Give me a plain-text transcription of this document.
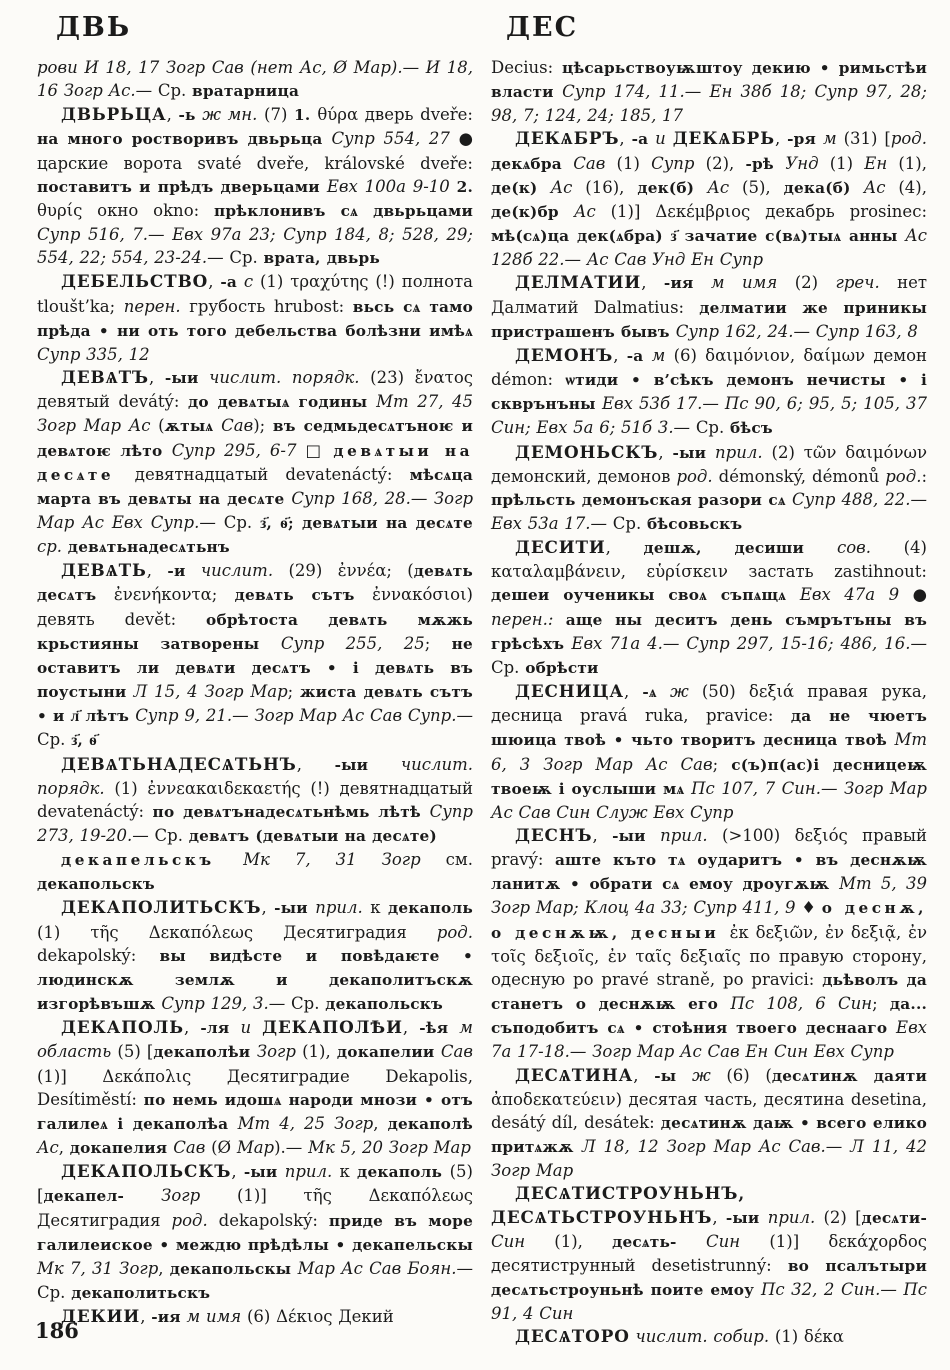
ДВЬ	ДЕС

рови И 18, 17 Зогр Сав (нет Ас, Ø Мар).— И 18, 16 Зогр Ас.— Ср. вратарница

ДВЬРЬЦА, -ь ж мн. (7) 1. θύρα дверь dveře: на много ростворивъ двьрьца Супр 554, 27 ● царские ворота svaté dveře, královské dveře: поставитъ и прѣдъ дверьцами Евх 100а 9-10 2. θυρίς окно okno: прѣклонивъ сѧ двьрьцами Супр 516, 7.— Евх 97а 23; Супр 184, 8; 528, 29; 554, 22; 554, 23-24.— Ср. врата, двьрь

ДЕБЕЛЬСТВО, -а с (1) τραχύτης (!) полнота tloušt’ka; перен. грубость hrubost: вьсь сѧ тамо прѣда • ни оть того дебельства болѣзни имѣѧ Супр 335, 12

ДЕВѦТЪ, -ыи числит. порядк. (23) ἔνατος девятый devátý: до девѧтыѧ годины Мт 27, 45 Зогр Мар Ас (ѫтыѧ Сав); въ седмьдесѧтъноѥ и девѧтоѥ лѣто Супр 295, 6-7 □ девѧтыи на десѧте девятнадцатый devatenáctý: мѣсѧца марта въ девѧты на десѧте Супр 168, 28.— Зогр Мар Ас Евх Супр.— Ср. з҃, ѳ҃; девѧтыи на десѧте ср. девѧтьнадесѧтьнъ

ДЕВѦТЬ, -и числит. (29) ἐννέα; (девѧть десѧтъ ἐνενήκοντα; девѧть сътъ ἐννακόσιοι) девять devět: обрѣтоста девѧть мѫжь крьстияны затворены Супр 255, 25; не оставитъ ли девѧти десѧтъ • і девѧть въ поустыни Л 15, 4 Зогр Мар; жиста девѧть сътъ • и л҃ лѣтъ Супр 9, 21.— Зогр Мар Ас Сав Супр.— Ср. з҃, ѳ҃

ДЕВѦТЬНАДЕСѦТЬНЪ, -ыи числит. порядк. (1) ἐννεακαιδεκαετής (!) девятнадцатый devatenáctý: по девѧтънадесѧтьнѣмь лѣтѣ Супр 273, 19-20.— Ср. девѧтъ (девѧтыи на десѧте)

декапельскъ Мк 7, 31 Зогр см. декапольскъ

ДЕКАПОЛИТЬСКЪ, -ыи прил. к декаполь (1) τῆς Δεκαπόλεως Десятиградия род. dekapolský: вы видѣсте и повѣдаѥте • людинскѫ землѫ и декаполитъскѫ изгорѣвъшѫ Супр 129, 3.— Ср. декапольскъ

ДЕКАПОЛЬ, -ля и ДЕКАПОЛѢИ, -ѣя м область (5) [декаполѣи Зогр (1), докапелии Сав (1)] Δεκάπολις Десятиградие Dekapolis, Desítiměstí: по немь идошѧ народи мнози • отъ галилеѧ і декаполѣа Мт 4, 25 Зогр, декаполѣ Ас, докапелия Сав (Ø Мар).— Мк 5, 20 Зогр Мар

ДЕКАПОЛЬСКЪ, -ыи прил. к декаполь (5) [декапел- Зогр (1)] τῆς Δεκαπόλεως Десятиградия род. dekapolský: приде въ море галилеиское • междю прѣдѣлы • декапельскы Мк 7, 31 Зогр, декапольскы Мар Ас Сав Боян.— Ср. декаполитьскъ

ДЕКИИ, -ия м имя (6) Δέκιος Декий

Decius: цѣсарьствоуѭштоу декию • римьстѣи власти Супр 174, 11.— Ен 38б 18; Супр 97, 28; 98, 7; 124, 24; 185, 17

ДЕКѦБРЪ, -а и ДЕКѦБРЬ, -ря м (31) [род. декѧбра Сав (1) Супр (2), -рѣ Унд (1) Ен (1), де(к) Ас (16), дек(б) Ас (5), дека(б) Ас (4), де(к)бр Ас (1)] Δεκέμβριος декабрь prosinec: мѣ(сѧ)ца дек(ѧбра) з҃ зачатие с(вѧ)тыѧ анны Ас 128б 22.— Ас Сав Унд Ен Супр

ДЕЛМАТИИ, -ия м имя (2) греч. нет Далматий Dalmatius: делматии же приникы пристрашенъ бывъ Супр 162, 24.— Супр 163, 8

ДЕМОНЪ, -а м (6) δαιμόνιον, δαίμων демон démon: ѡтиди • в’сѣкъ демонъ нечисты • і скврънъны Евх 53б 17.— Пс 90, 6; 95, 5; 105, 37 Син; Евх 5а 6; 51б 3.— Ср. бѣсъ

ДЕМОНЬСКЪ, -ыи прил. (2) τῶν δαιμόνων демонский, демонов род. démonský, démonů род.: прѣльсть демонъская разори сѧ Супр 488, 22.— Евх 53а 17.— Ср. бѣсовьскъ

ДЕСИТИ, дешѫ, десиши сов. (4) καταλαμβάνειν, εὑρίσκειν застать zastihnout: дешеи оученикы своѧ съпѧщѧ Евх 47а 9 ● перен.: аще ны деситъ день съмрътъны въ грѣсѣхъ Евх 71а 4.— Супр 297, 15-16; 486, 16.— Ср. обрѣсти

ДЕСНИЦА, -ѧ ж (50) δεξιά правая рука, десница pravá ruka, pravice: да не чюетъ шюица твоѣ • чьто творитъ десница твоѣ Мт 6, 3 Зогр Мар Ас Сав; с(ъ)п(ас)і десницеѭ твоеѭ і оуслыши мѧ Пс 107, 7 Син.— Зогр Мар Ас Сав Син Служ Евх Супр

ДЕСНЪ, -ыи прил. (>100) δεξιός правый pravý: аште къто тѧ оударитъ • въ деснѫѭ ланитѫ • обрати сѧ емоу дроугѫѭ Мт 5, 39 Зогр Мар; Клоц 4а 33; Супр 411, 9 ♦ о деснѫ, о деснѫѭ, десныи ἐκ δεξιῶν, ἐν δεξιᾷ, ἐν τοῖς δεξιοῖς, ἐν ταῖς δεξιαῖς по правую сторону, одесную po pravé straně, po pravici: дьѣволъ да станетъ о деснѫѭ его Пс 108, 6 Син; да... съподобитъ сѧ • стоѣния твоего деснааго Евх 7а 17-18.— Зогр Мар Ас Сав Ен Син Евх Супр

ДЕСѦТИНА, -ы ж (6) (десѧтинѫ даяти ἀποδεκατεύειν) десятая часть, десятина desetina, desátý díl, desátek: десѧтинѫ даѭ • всего елико притѧжѫ Л 18, 12 Зогр Мар Ас Сав.— Л 11, 42 Зогр Мар

ДЕСѦТИСТРОУНЬНЪ, ДЕСѦТЬСТРОУНЬНЪ, -ыи прил. (2) [десѧти- Син (1), десѧть- Син (1)] δεκάχορδος десятиструнный desetistrunný: во псалътыри десѧтьстроуньнѣ поите емоу Пс 32, 2 Син.— Пс 91, 4 Син

ДЕСѦТОРО числит. собир. (1) δέκα

186
